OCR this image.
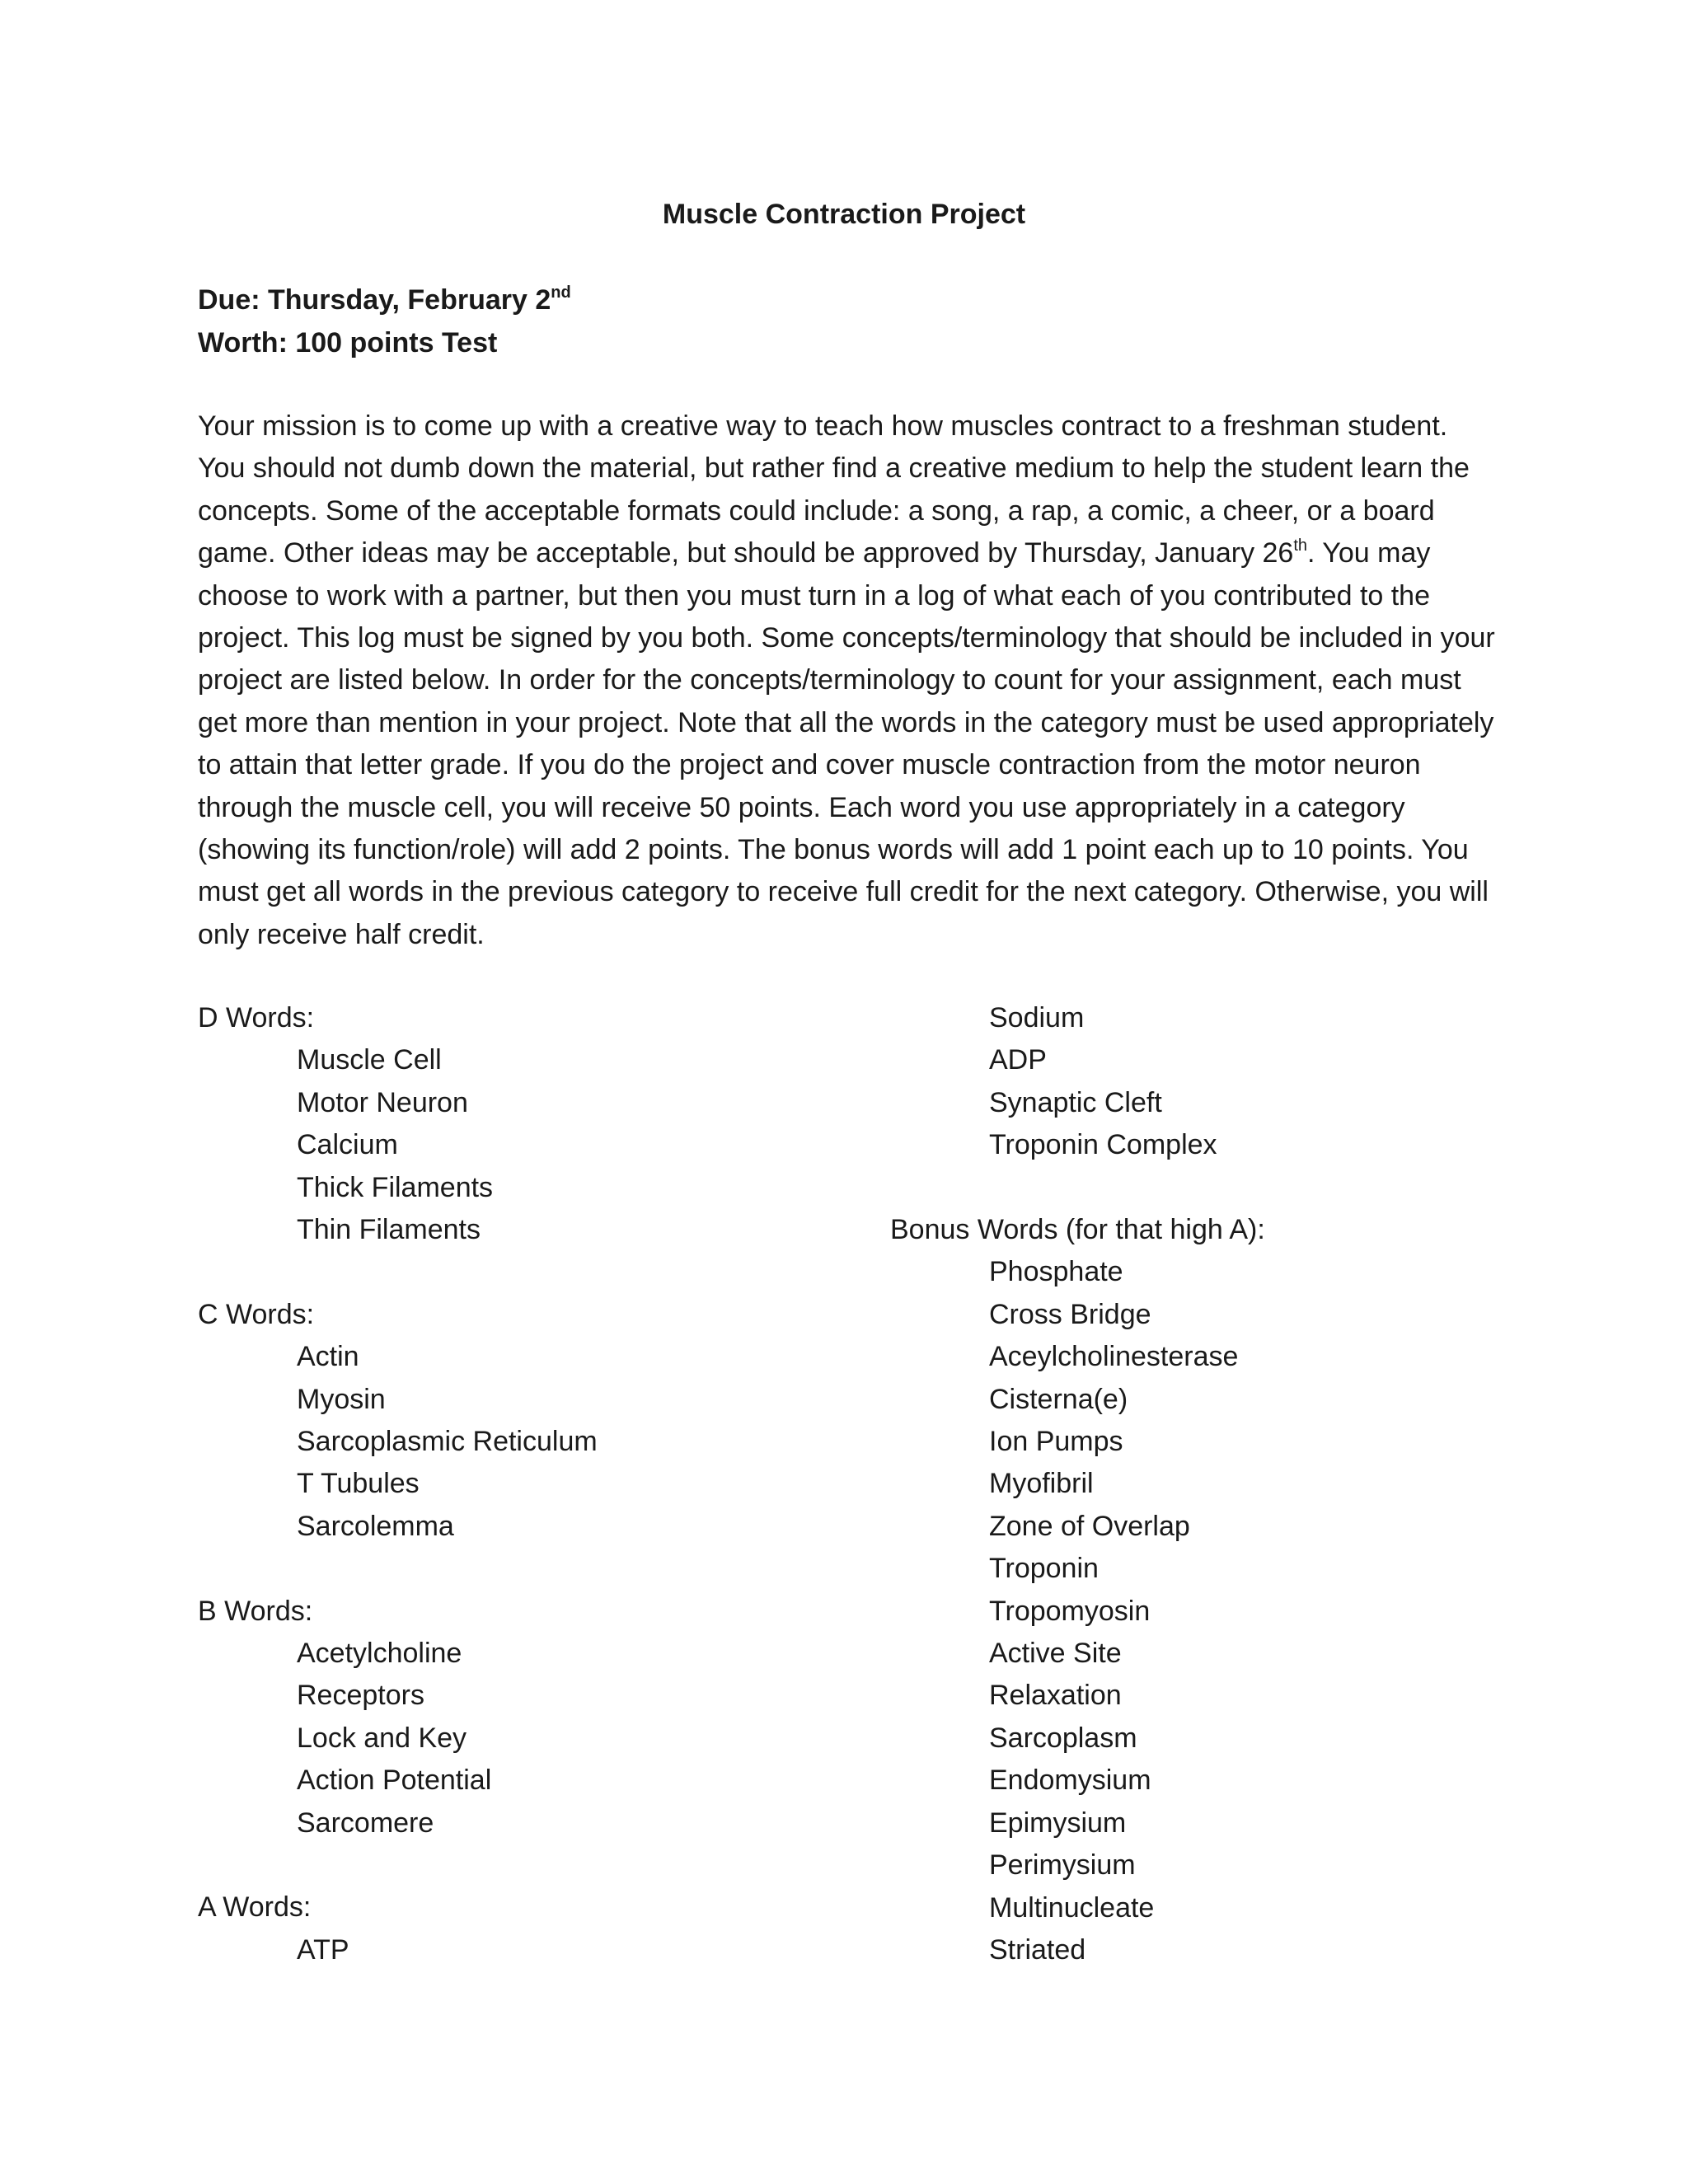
Muscle Contraction Project
Due: Thursday, February 2nd
Worth: 100 points Test

Your mission is to come up with a creative way to teach how muscles contract to a freshman student. You should not dumb down the material, but rather find a creative medium to help the student learn the concepts. Some of the acceptable formats could include: a song, a rap, a comic, a cheer, or a board game. Other ideas may be acceptable, but should be approved by Thursday, January 26th. You may choose to work with a partner, but then you must turn in a log of what each of you contributed to the project. This log must be signed by you both. Some concepts/terminology that should be included in your project are listed below. In order for the concepts/terminology to count for your assignment, each must get more than mention in your project. Note that all the words in the category must be used appropriately to attain that letter grade. If you do the project and cover muscle contraction from the motor neuron through the muscle cell, you will receive 50 points. Each word you use appropriately in a category (showing its function/role) will add 2 points. The bonus words will add 1 point each up to 10 points. You must get all words in the previous category to receive full credit for the next category. Otherwise, you will only receive half credit.

D Words:
Muscle Cell
Motor Neuron
Calcium
Thick Filaments
Thin Filaments
C Words:
Actin
Myosin
Sarcoplasmic Reticulum
T Tubules
Sarcolemma
B Words:
Acetylcholine
Receptors
Lock and Key
Action Potential
Sarcomere
A Words:
ATP
Sodium
ADP
Synaptic Cleft
Troponin Complex
Bonus Words (for that high A):
Phosphate
Cross Bridge
Aceylcholinesterase
Cisterna(e)
Ion Pumps
Myofibril
Zone of Overlap
Troponin
Tropomyosin
Active Site
Relaxation
Sarcoplasm
Endomysium
Epimysium
Perimysium
Multinucleate
Striated
